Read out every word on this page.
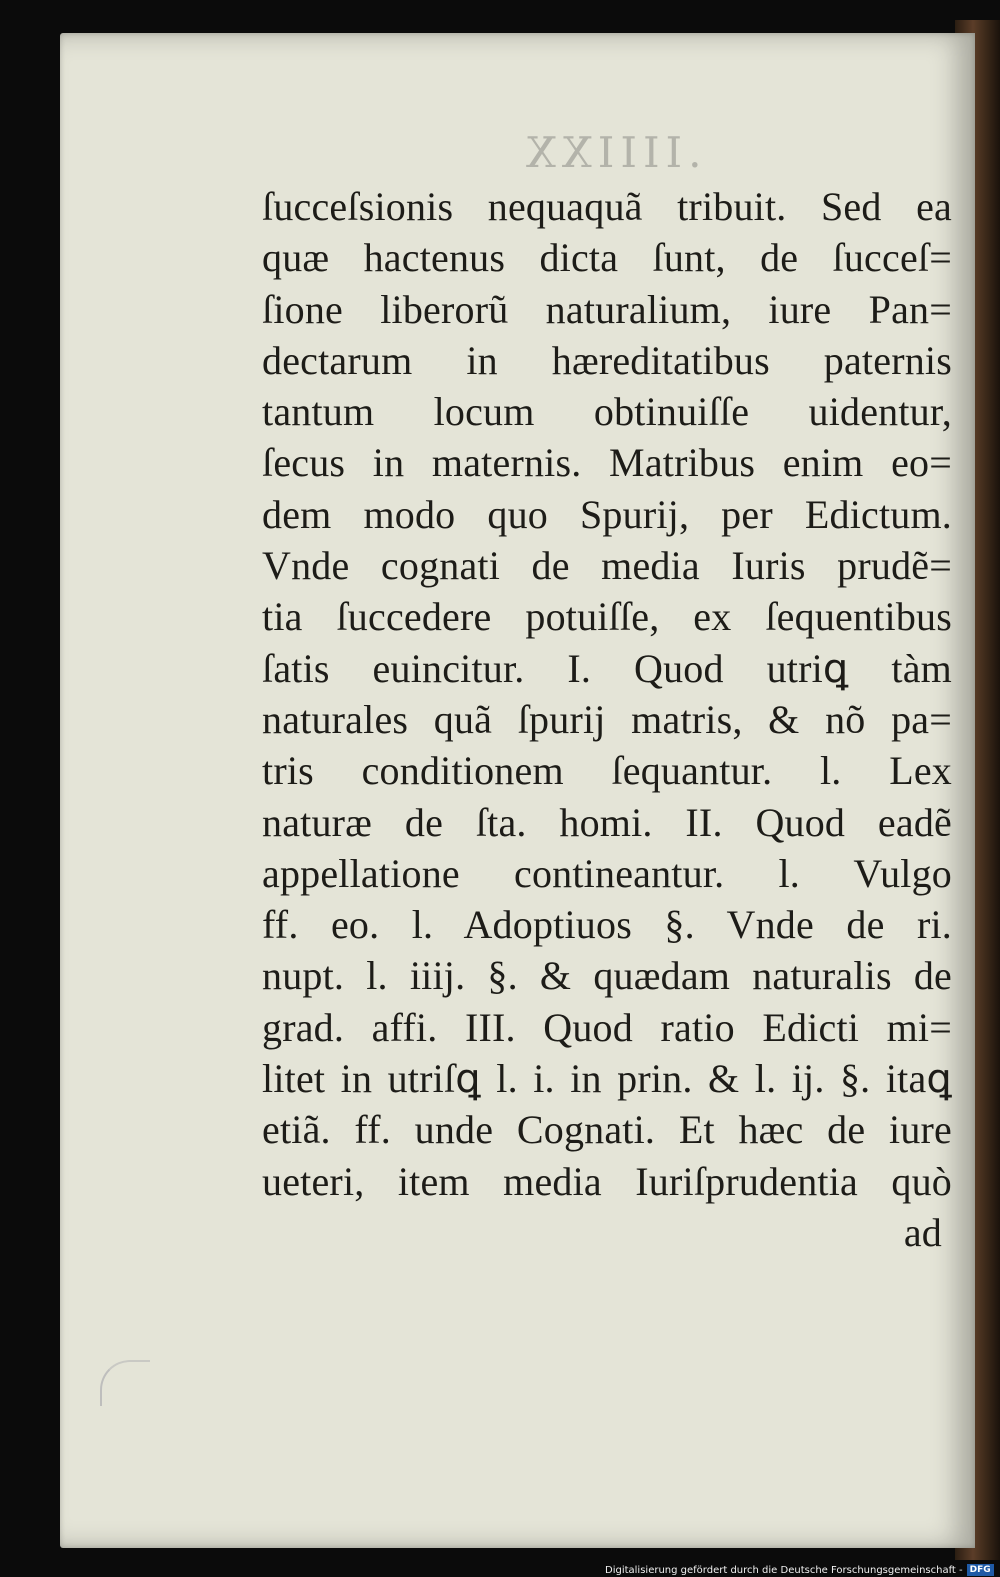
.IIIIXX
ſucceſsionis nequaquã tribuit. Sed ea
quæ hactenus dicta ſunt, de ſucceſ=
ſione liberorũ naturalium, iure Pan=
dectarum in hæreditatibus paternis
tantum locum obtinuiſſe uidentur,
ſecus in maternis. Matribus enim eo=
dem modo quo Spurij, per Edictum.
Vnde cognati de media Iuris prudẽ=
tia ſuccedere potuiſſe, ex ſequentibus
ſatis euincitur. I. Quod utriꝗ tàm
naturales quã ſpurij matris, & nõ pa=
tris conditionem ſequantur. l. Lex
naturæ de ſta. homi. II. Quod eadẽ
appellatione contineantur. l. Vulgo
ff. eo. l. Adoptiuos §. Vnde de ri.
nupt. l. iiij. §. & quædam naturalis de
grad. affi. III. Quod ratio Edicti mi=
litet in utriſꝗ l. i. in prin. & l. ij. §. itaꝗ
etiã. ff. unde Cognati. Et hæc de iure
ueteri, item media Iuriſprudentia quò
ad
Digitalisierung gefördert durch die Deutsche Forschungsgemeinschaft - DFG
